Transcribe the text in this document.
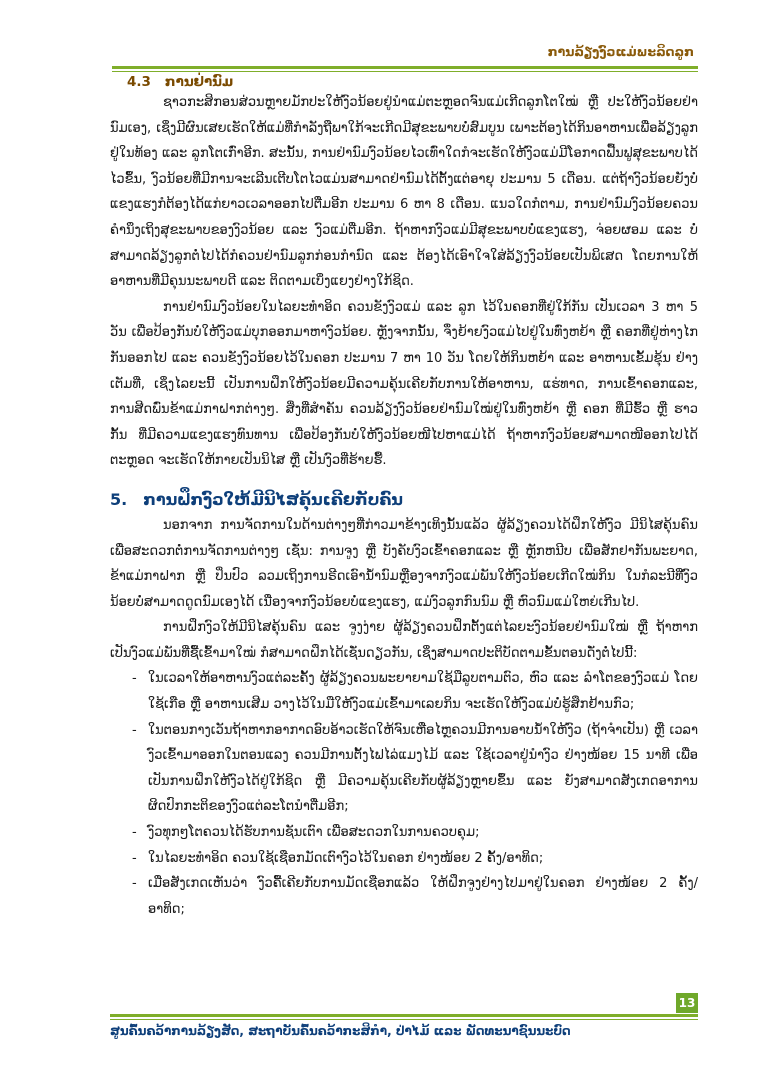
ການລ້ຽງງົວແມ່ພະລິດລູກ
4.3 ການຢ່ານົມ

ຊາວກະສິກອນສ່ວນຫຼາຍມັກປະໃຫ້ງົວນ້ອຍຢູ່ນຳແມ່ຕະຫຼອດຈົນແມ່ເກີດລູກໂຕໃໝ່ ຫຼື ປະໃຫ້ງົວນ້ອຍຢ່ານົມເອງ, ເຊິ່ງມີຜົນເສຍເຮັດໃຫ້ແມ່ທີ່ກຳລັງຖືພາໃກ້ຈະເກີດມີສຸຂະພາບບໍ່ສົມບູນ ເພາະຕ້ອງໄດ້ກິນອາຫານເພື່ອລ້ຽງລູກຢູ່ໃນທ້ອງ ແລະ ລູກໂຕເກົ່າອີກ. ສະນັ້ນ, ການຢ່ານົມງົວນ້ອຍໄວເທົ່າໃດກໍຈະເຮັດໃຫ້ງົວແມ່ມີໂອກາດຟື້ນຟູສຸຂະພາບໄດ້ໄວຂຶ້ນ, ງົວນ້ອຍທີ່ມີການຈະເລີນເຕີບໂຕໄວແມ່ນສາມາດຢ່ານົມໄດ້ຕັ້ງແຕ່ອາຍຸ ປະມານ 5 ເດືອນ. ແຕ່ຖ້າງົວນ້ອຍຍັງບໍ່ແຂງແຮງກໍຕ້ອງໄດ້ແກ່ຍາວເວລາອອກໄປຕື່ມອີກ ປະມານ 6 ຫາ 8 ເດືອນ. ແນວໃດກໍຕາມ, ການຢ່ານົມງົວນ້ອຍຄວນຄຳນຶງເຖິງສຸຂະພາບຂອງງົວນ້ອຍ ແລະ ງົວແມ່ຕື່ມອີກ. ຖ້າຫາກງົວແມ່ມີສຸຂະພາບບໍ່ແຂງແຮງ, ຈ່ອຍຜອມ ແລະ ບໍ່ສາມາດລ້ຽງລູກຕໍ່ໄປໄດ້ກໍຄວນຢ່ານົມລູກກ່ອນກຳນົດ ແລະ ຕ້ອງໄດ້ເອົາໃຈໃສ່ລ້ຽງງົວນ້ອຍເປັນພິເສດ ໂດຍການໃຫ້ອາຫານທີ່ມີຄຸນນະພາບດີ ແລະ ຕິດຕາມເບິ່ງແຍງຢ່າງໃກ້ຊິດ.

ການຢ່ານົມງົວນ້ອຍໃນໄລຍະທຳອິດ ຄວນຂັງງົວແມ່ ແລະ ລູກ ໄວ້ໃນຄອກທີ່ຢູ່ໃກ້ກັນ ເປັນເວລາ 3 ຫາ 5 ວັນ ເພື່ອປ້ອງກັນບໍ່ໃຫ້ງົວແມ່ບຸກອອກມາຫາງົວນ້ອຍ. ຫຼັງຈາກນັ້ນ, ຈຶ່ງຍ້າຍງົວແມ່ໄປຢູ່ໃນທົ່ງຫຍ້າ ຫຼື ຄອກທີ່ຢູ່ຫ່າງໄກກັນອອກໄປ ແລະ ຄວນຂັງງົວນ້ອຍໄວ້ໃນຄອກ ປະມານ 7 ຫາ 10 ວັນ ໂດຍໃຫ້ກິນຫຍ້າ ແລະ ອາຫານເຂັ້ມຂຸ້ນ ຢ່າງເຕັມທີ່, ເຊິ່ງໄລຍະນີ້ ເປັນການຝຶກໃຫ້ງົວນ້ອຍມີຄວາມຄຸ້ນເຄີຍກັບການໃຫ້ອາຫານ, ແຮ່ທາດ, ການເຂົ້າຄອກແລະ, ການສີດພົ່ນຂ້າແມ່ກາຝາກຕ່າງໆ. ສິ່ງທີ່ສຳຄັນ ຄວນລ້ຽງງົວນ້ອຍຢ່ານົມໃໝ່ຢູ່ໃນທົ່ງຫຍ້າ ຫຼື ຄອກ ທີ່ມີຮົ້ວ ຫຼື ຮາວກັ້ນ ທີ່ມີຄວາມແຂງແຮງທົນທານ ເພື່ອປ້ອງກັນບໍ່ໃຫ້ງົວນ້ອຍໜີໄປຫາແມ່ໄດ້ ຖ້າຫາກງົວນ້ອຍສາມາດໜີອອກໄປໄດ້ຕະຫຼອດ ຈະເຮັດໃຫ້ກາຍເປັນນິໄສ ຫຼື ເປັນງົວທີ່ຮ້າຍຮື້.

5. ການຝຶກງົວໃຫ້ມີນິໄສຄຸ້ນເຄີຍກັບຄົນ

ນອກຈາກ ການຈັດການໃນດ້ານຕ່າງໆທີ່ກ່າວມາຂ້າງເທິງນັ້ນແລ້ວ ຜູ້ລ້ຽງຄວນໄດ້ຝຶກໃຫ້ງົວ ມີນິໄສຄຸ້ນຄົນ ເພື່ອສະດວກຕໍ່ການຈັດການຕ່າງໆ ເຊັ່ນ: ການຈູງ ຫຼື ບັງຄັບງົວເຂົ້າຄອກແລະ ຫຼື ຫຼັກຫນີບ ເພື່ອສັກຢາກັນພະຍາດ, ຂ້າແມ່ກາຝາກ ຫຼື ປິ່ນປົວ ລວມເຖິງການຣີດເອົານ້ຳນົມຫຼືອງຈາກງົວແມ່ພັນໃຫ້ງົວນ້ອຍເກີດໃໝ່ກິນ ໃນກໍລະນີທີ່ງົວນ້ອຍບໍ່ສາມາດດູດນົມເອງໄດ້ ເນື່ອງຈາກງົວນ້ອຍບໍ່ແຂງແຮງ, ແມ່ງົວລູກກົນນົມ ຫຼື ຫົວນົມແມ່ໃຫຍ່ເກີນໄປ.

ການຝຶກງົວໃຫ້ມີນິໄສຄຸ້ນຄົນ ແລະ ຈູງງ່າຍ ຜູ້ລ້ຽງຄວນຝຶກຕັ້ງແຕ່ໄລຍະງົວນ້ອຍຢ່ານົມໃໝ່ ຫຼື ຖ້າຫາກເປັນງົວແມ່ພັນທີ່ຊື້ເຂົ້າມາໃໝ່ ກໍສາມາດຝຶກໄດ້ເຊັ່ນດຽວກັນ, ເຊິ່ງສາມາດປະຕິບັດຕາມຂັ້ນຕອນດັ່ງຕໍ່ໄປນີ້:

- ໃນເວລາໃຫ້ອາຫານງົວແຕ່ລະຄັ້ງ ຜູ້ລ້ຽງຄວນພະຍາຍາມໃຊ້ມືລູບຕາມຕົວ, ຫົວ ແລະ ລຳໂຕຂອງງົວແມ່ ໂດຍໃຊ້ເກືອ ຫຼື ອາຫານເສີມ ວາງໄວ້ໃນມືໃຫ້ງົວແມ່ເຂົ້າມາເລຍກິນ ຈະເຮັດໃຫ້ງົວແມ່ບໍ່ຮູ້ສຶກຢ້ານກົວ;
- ໃນຕອນກາງເວັນຖ້າຫາກອາກາດອົບອ້າວເຮັດໃຫ້ຈົນເຫື່ອໄຫຼຄວນມີການອາບນ້ຳໃຫ້ງົວ (ຖ້າຈຳເປັນ) ຫຼື ເວລາງົວເຂົ້າມາອອກໃນຕອນແລງ ຄວນມີການຕັ້ງໄຟໄລ່ແມງໄມ້ ແລະ ໃຊ້ເວລາຢູ່ນຳງົວ ຢ່າງໜ້ອຍ 15 ນາທີ ເພື່ອເປັນການຝຶກໃຫ້ງົວໄດ້ຢູ່ໃກ້ຊິດ ຫຼື ມີຄວາມຄຸ້ນເຄີຍກັບຜູ້ລ້ຽງຫຼາຍຂຶ້ນ ແລະ ຍັງສາມາດສັງເກດອາການຜິດປົກກະຕິຂອງງົວແຕ່ລະໂຕນຳຕື່ມອີກ;
- ງົວທຸກໆໂຕຄວນໄດ້ຮັບການຊັນເຕົາ ເພື່ອສະດວກໃນການຄວບຄຸມ;
- ໃນໄລຍະທຳອິດ ຄວນໃຊ້ເຊືອກມັດເຕົາງົວໄວ້ໃນຄອກ ຢ່າງໜ້ອຍ 2 ຄັ້ງ/ອາທິດ;
- ເມື່ອສັງເກດເຫັນວ່າ ງົວຄື້ເຄີຍກັບການມັດເຊືອກແລ້ວ ໃຫ້ຝຶກຈູງຢ່າງໄປມາຢູ່ໃນຄອກ ຢ່າງໜ້ອຍ 2 ຄັ້ງ/ອາທິດ;
13
ສູນຄົ້ນຄວ້າການລ້ຽງສັດ, ສະຖາບັນຄົ້ນຄວ້າກະສິກຳ, ປ່າໄມ້ ແລະ ພັດທະນາຊົນນະບົດ
